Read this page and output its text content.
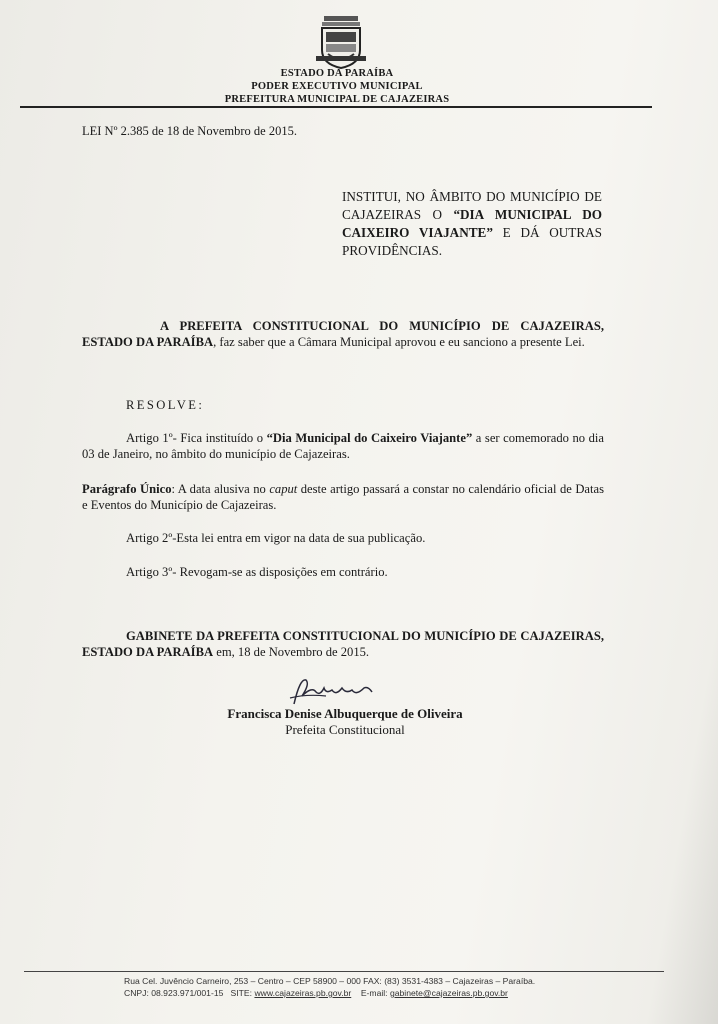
ESTADO DA PARAÍBA
PODER EXECUTIVO MUNICIPAL
PREFEITURA MUNICIPAL DE CAJAZEIRAS
LEI Nº 2.385 de 18 de Novembro de 2015.
INSTITUI, NO ÂMBITO DO MUNICÍPIO DE CAJAZEIRAS O “DIA MUNICIPAL DO CAIXEIRO VIAJANTE” E DÁ OUTRAS PROVIDÊNCIAS.
A PREFEITA CONSTITUCIONAL DO MUNICÍPIO DE CAJAZEIRAS, ESTADO DA PARAÍBA, faz saber que a Câmara Municipal aprovou e eu sanciono a presente Lei.
RESOLVE:
Artigo 1º- Fica instituído o “Dia Municipal do Caixeiro Viajante” a ser comemorado no dia 03 de Janeiro, no âmbito do município de Cajazeiras.
Parágrafo Único: A data alusiva no caput deste artigo passará a constar no calendário oficial de Datas e Eventos do Município de Cajazeiras.
Artigo 2º-Esta lei entra em vigor na data de sua publicação.
Artigo 3º- Revogam-se as disposições em contrário.
GABINETE DA PREFEITA CONSTITUCIONAL DO MUNICÍPIO DE CAJAZEIRAS, ESTADO DA PARAÍBA em, 18 de Novembro de 2015.
Francisca Denise Albuquerque de Oliveira
Prefeita Constitucional
Rua Cel. Juvêncio Carneiro, 253 – Centro – CEP 58900 – 000 FAX: (83) 3531-4383 – Cajazeiras – Paraíba.
CNPJ: 08.923.971/001-15 SITE: www.cajazeiras.pb.gov.br E-mail: gabinete@cajazeiras.pb.gov.br
